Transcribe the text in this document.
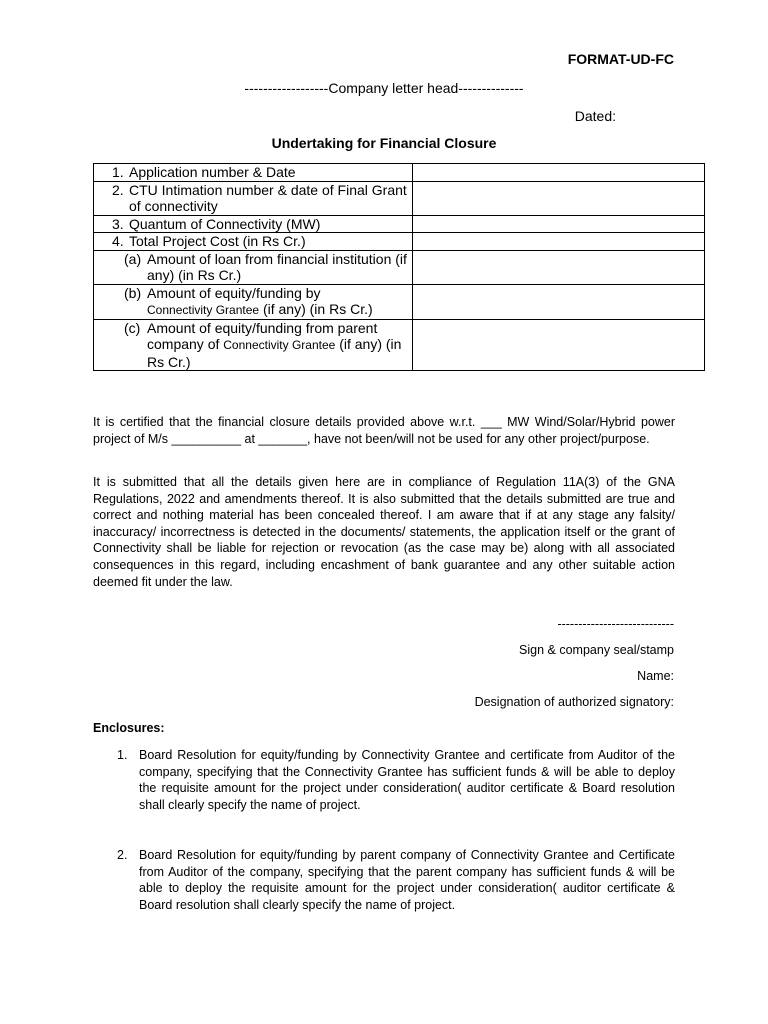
FORMAT-UD-FC
------------------Company letter head--------------
Dated:
Undertaking for Financial Closure
1. Application number & Date	

2. CTU Intimation number & date of Final Grant of connectivity	

3. Quantum of Connectivity (MW)	

4. Total Project Cost (in Rs Cr.)	

(a) Amount of loan from financial institution (if any) (in Rs Cr.)	

(b) Amount of equity/funding by
Connectivity Grantee (if any) (in Rs Cr.)	

(c) Amount of equity/funding from parent company of Connectivity Grantee (if any) (in Rs Cr.)	

It is certified that the financial closure details provided above w.r.t. ___ MW Wind/Solar/Hybrid power project of M/s __________ at _______, have not been/will not be used for any other project/purpose.

It is submitted that all the details given here are in compliance of Regulation 11A(3) of the GNA Regulations, 2022 and amendments thereof. It is also submitted that the details submitted are true and correct and nothing material has been concealed thereof. I am aware that if at any stage any falsity/ inaccuracy/ incorrectness is detected in the documents/ statements, the application itself or the grant of Connectivity shall be liable for rejection or revocation (as the case may be) along with all associated consequences in this regard, including encashment of bank guarantee and any other suitable action deemed fit under the law.

----------------------------
Sign & company seal/stamp
Name:
Designation of authorized signatory:
Enclosures:
1. Board Resolution for equity/funding by Connectivity Grantee and certificate from Auditor of the company, specifying that the Connectivity Grantee has sufficient funds & will be able to deploy the requisite amount for the project under consideration( auditor certificate & Board resolution shall clearly specify the name of project.
2. Board Resolution for equity/funding by parent company of Connectivity Grantee and Certificate from Auditor of the company, specifying that the parent company has sufficient funds & will be able to deploy the requisite amount for the project under consideration( auditor certificate & Board resolution shall clearly specify the name of project.
